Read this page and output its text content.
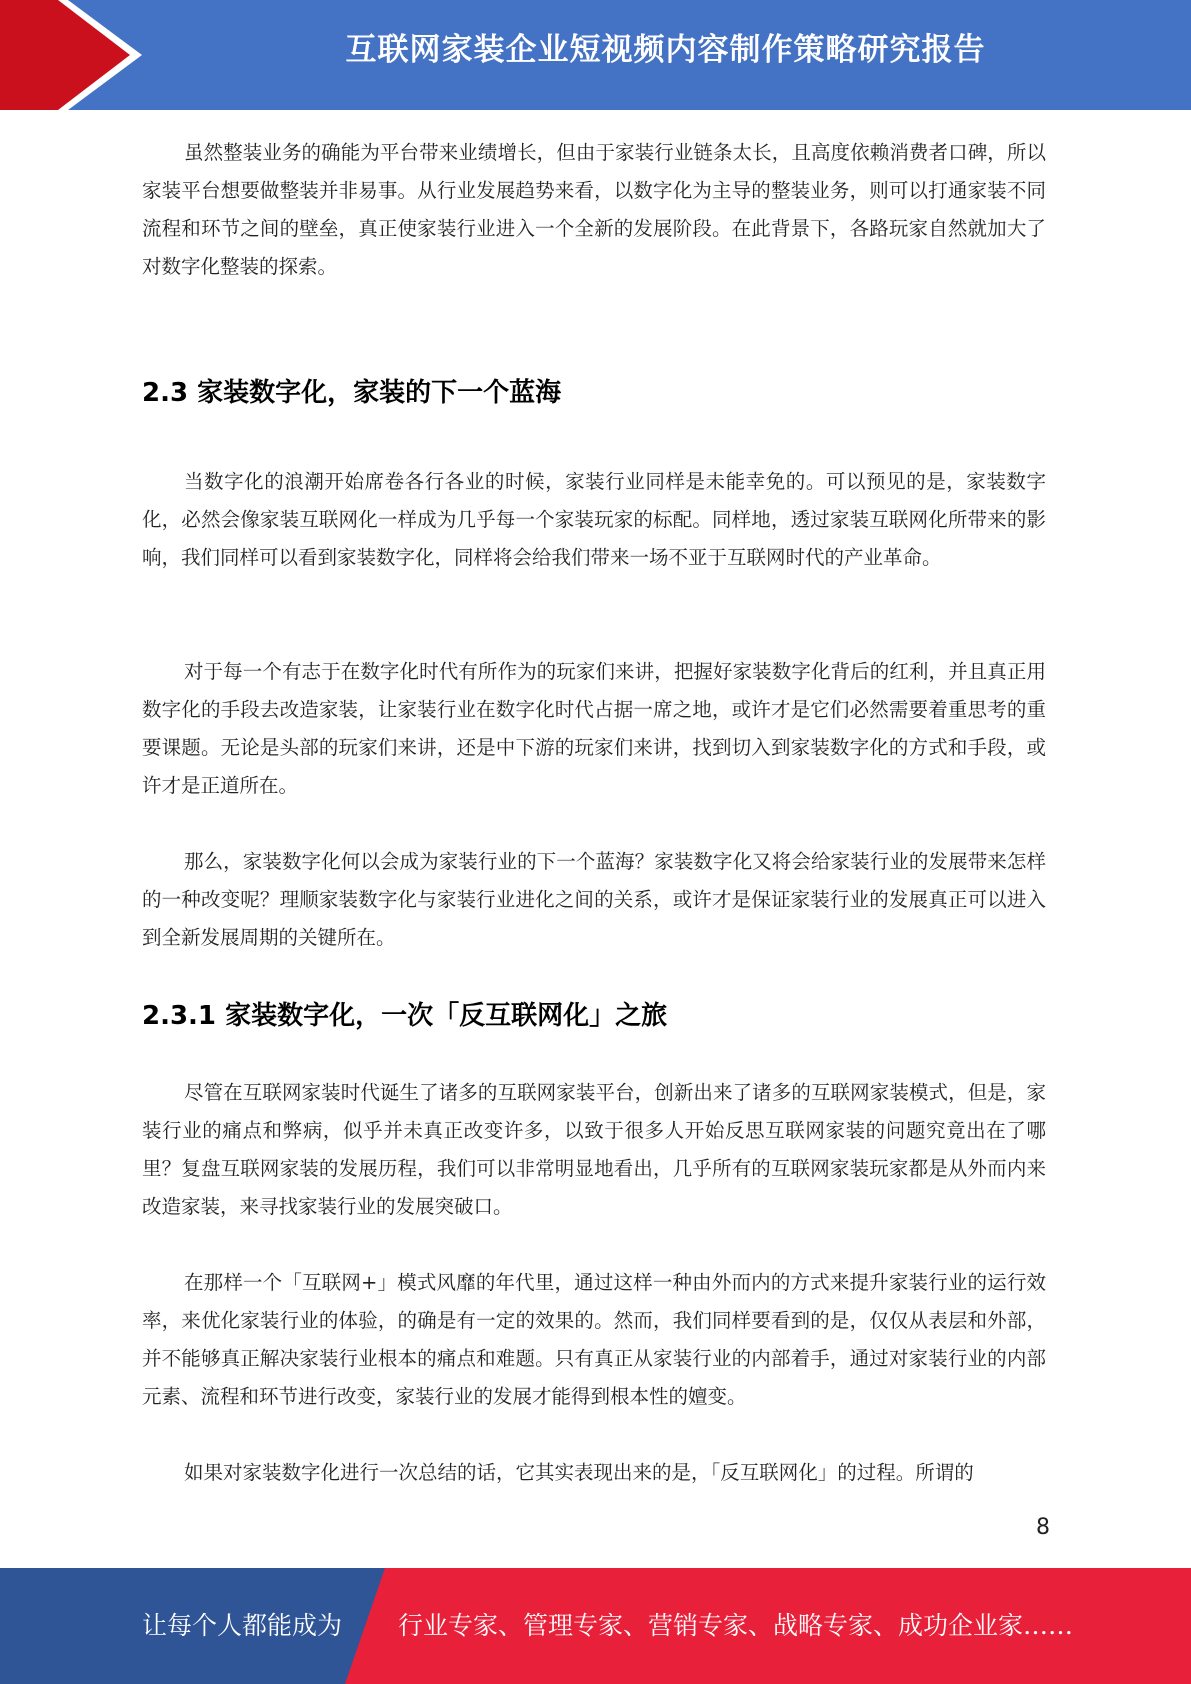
互联网家装企业短视频内容制作策略研究报告

虽然整装业务的确能为平台带来业绩增长，但由于家装行业链条太长，且高度依赖消费者口碑，所以家装平台想要做整装并非易事。从行业发展趋势来看，以数字化为主导的整装业务，则可以打通家装不同流程和环节之间的壁垒，真正使家装行业进入一个全新的发展阶段。在此背景下，各路玩家自然就加大了对数字化整装的探索。

2.3 家装数字化，家装的下一个蓝海

当数字化的浪潮开始席卷各行各业的时候，家装行业同样是未能幸免的。可以预见的是，家装数字化，必然会像家装互联网化一样成为几乎每一个家装玩家的标配。同样地，透过家装互联网化所带来的影响，我们同样可以看到家装数字化，同样将会给我们带来一场不亚于互联网时代的产业革命。

对于每一个有志于在数字化时代有所作为的玩家们来讲，把握好家装数字化背后的红利，并且真正用数字化的手段去改造家装，让家装行业在数字化时代占据一席之地，或许才是它们必然需要着重思考的重要课题。无论是头部的玩家们来讲，还是中下游的玩家们来讲，找到切入到家装数字化的方式和手段，或许才是正道所在。

那么，家装数字化何以会成为家装行业的下一个蓝海？家装数字化又将会给家装行业的发展带来怎样的一种改变呢？理顺家装数字化与家装行业进化之间的关系，或许才是保证家装行业的发展真正可以进入到全新发展周期的关键所在。

2.3.1 家装数字化，一次「反互联网化」之旅

尽管在互联网家装时代诞生了诸多的互联网家装平台，创新出来了诸多的互联网家装模式，但是，家装行业的痛点和弊病，似乎并未真正改变许多，以致于很多人开始反思互联网家装的问题究竟出在了哪里？复盘互联网家装的发展历程，我们可以非常明显地看出，几乎所有的互联网家装玩家都是从外而内来改造家装，来寻找家装行业的发展突破口。

在那样一个「互联网+」模式风靡的年代里，通过这样一种由外而内的方式来提升家装行业的运行效率，来优化家装行业的体验，的确是有一定的效果的。然而，我们同样要看到的是，仅仅从表层和外部，并不能够真正解决家装行业根本的痛点和难题。只有真正从家装行业的内部着手，通过对家装行业的内部元素、流程和环节进行改变，家装行业的发展才能得到根本性的嬗变。

如果对家装数字化进行一次总结的话，它其实表现出来的是，「反互联网化」的过程。所谓的

8
让每个人都能成为 行业专家、管理专家、营销专家、战略专家、成功企业家……
